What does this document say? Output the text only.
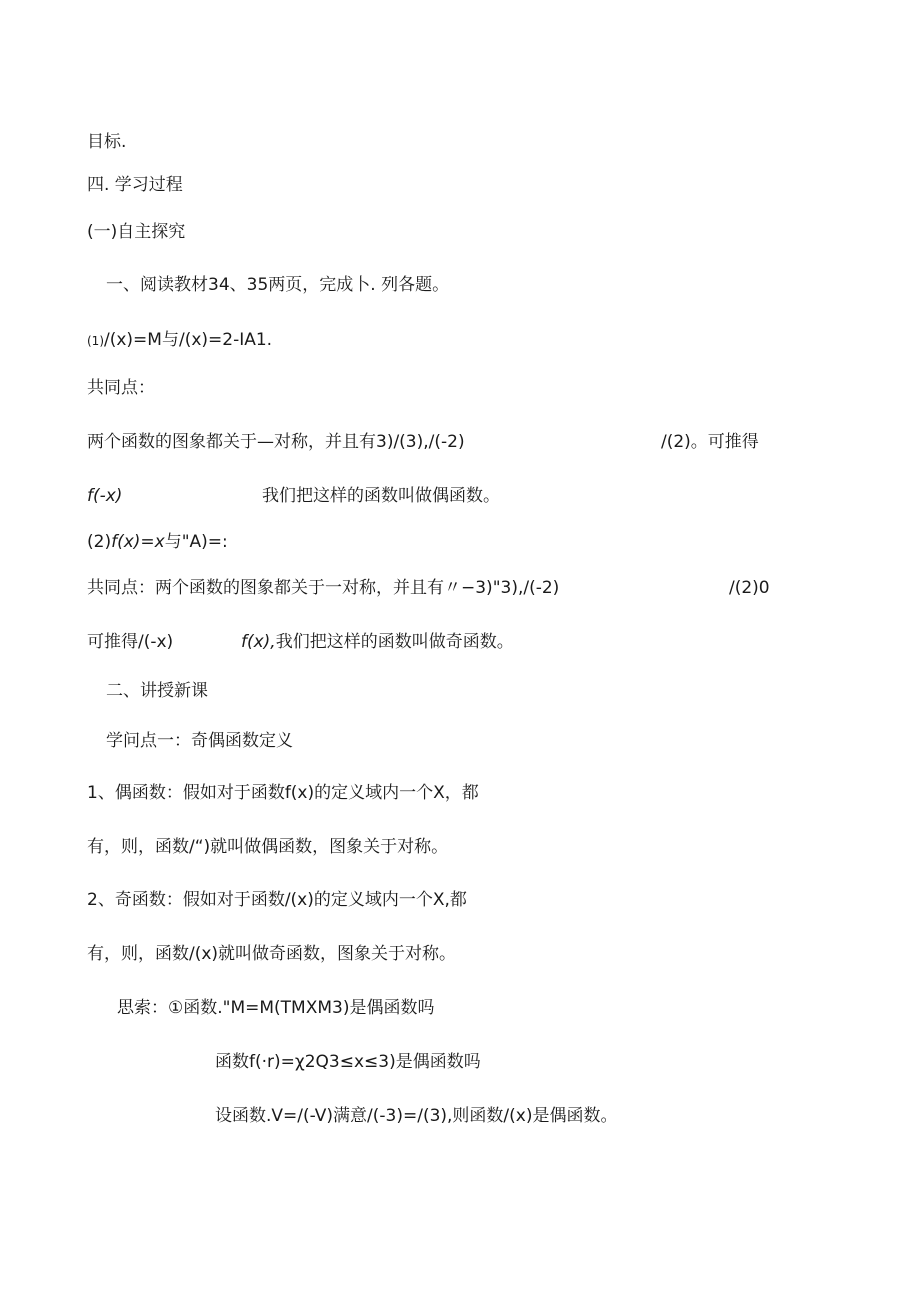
目标.
四. 学习过程
(一)自主探究
一、阅读教材34、35两页，完成卜. 列各题。
(1)/(x)=M与/(x)=2-IA1.
共同点：
两个函数的图象都关于—对称，并且有3)/(3),/(-2)	/(2)。可推得
f(-x)	我们把这样的函数叫做偶函数。
(2)f(x)=x与"A)=:
共同点：两个函数的图象都关于一对称，并且有〃−3)"3),/(-2)	/(2)0
可推得/(-x)	f(x),我们把这样的函数叫做奇函数。
二、讲授新课
学问点一：奇偶函数定义
1、偶函数：假如对于函数f(x)的定义域内一个X，都
有，则，函数/“)就叫做偶函数，图象关于对称。
2、奇函数：假如对于函数/(x)的定义域内一个X,都
有，则，函数/(x)就叫做奇函数，图象关于对称。
思索：①函数."M=M(TMXM3)是偶函数吗
函数f(·r)=χ2Q3≤x≤3)是偶函数吗
设函数.V=/(-V)满意/(-3)=/(3),则函数/(x)是偶函数。
